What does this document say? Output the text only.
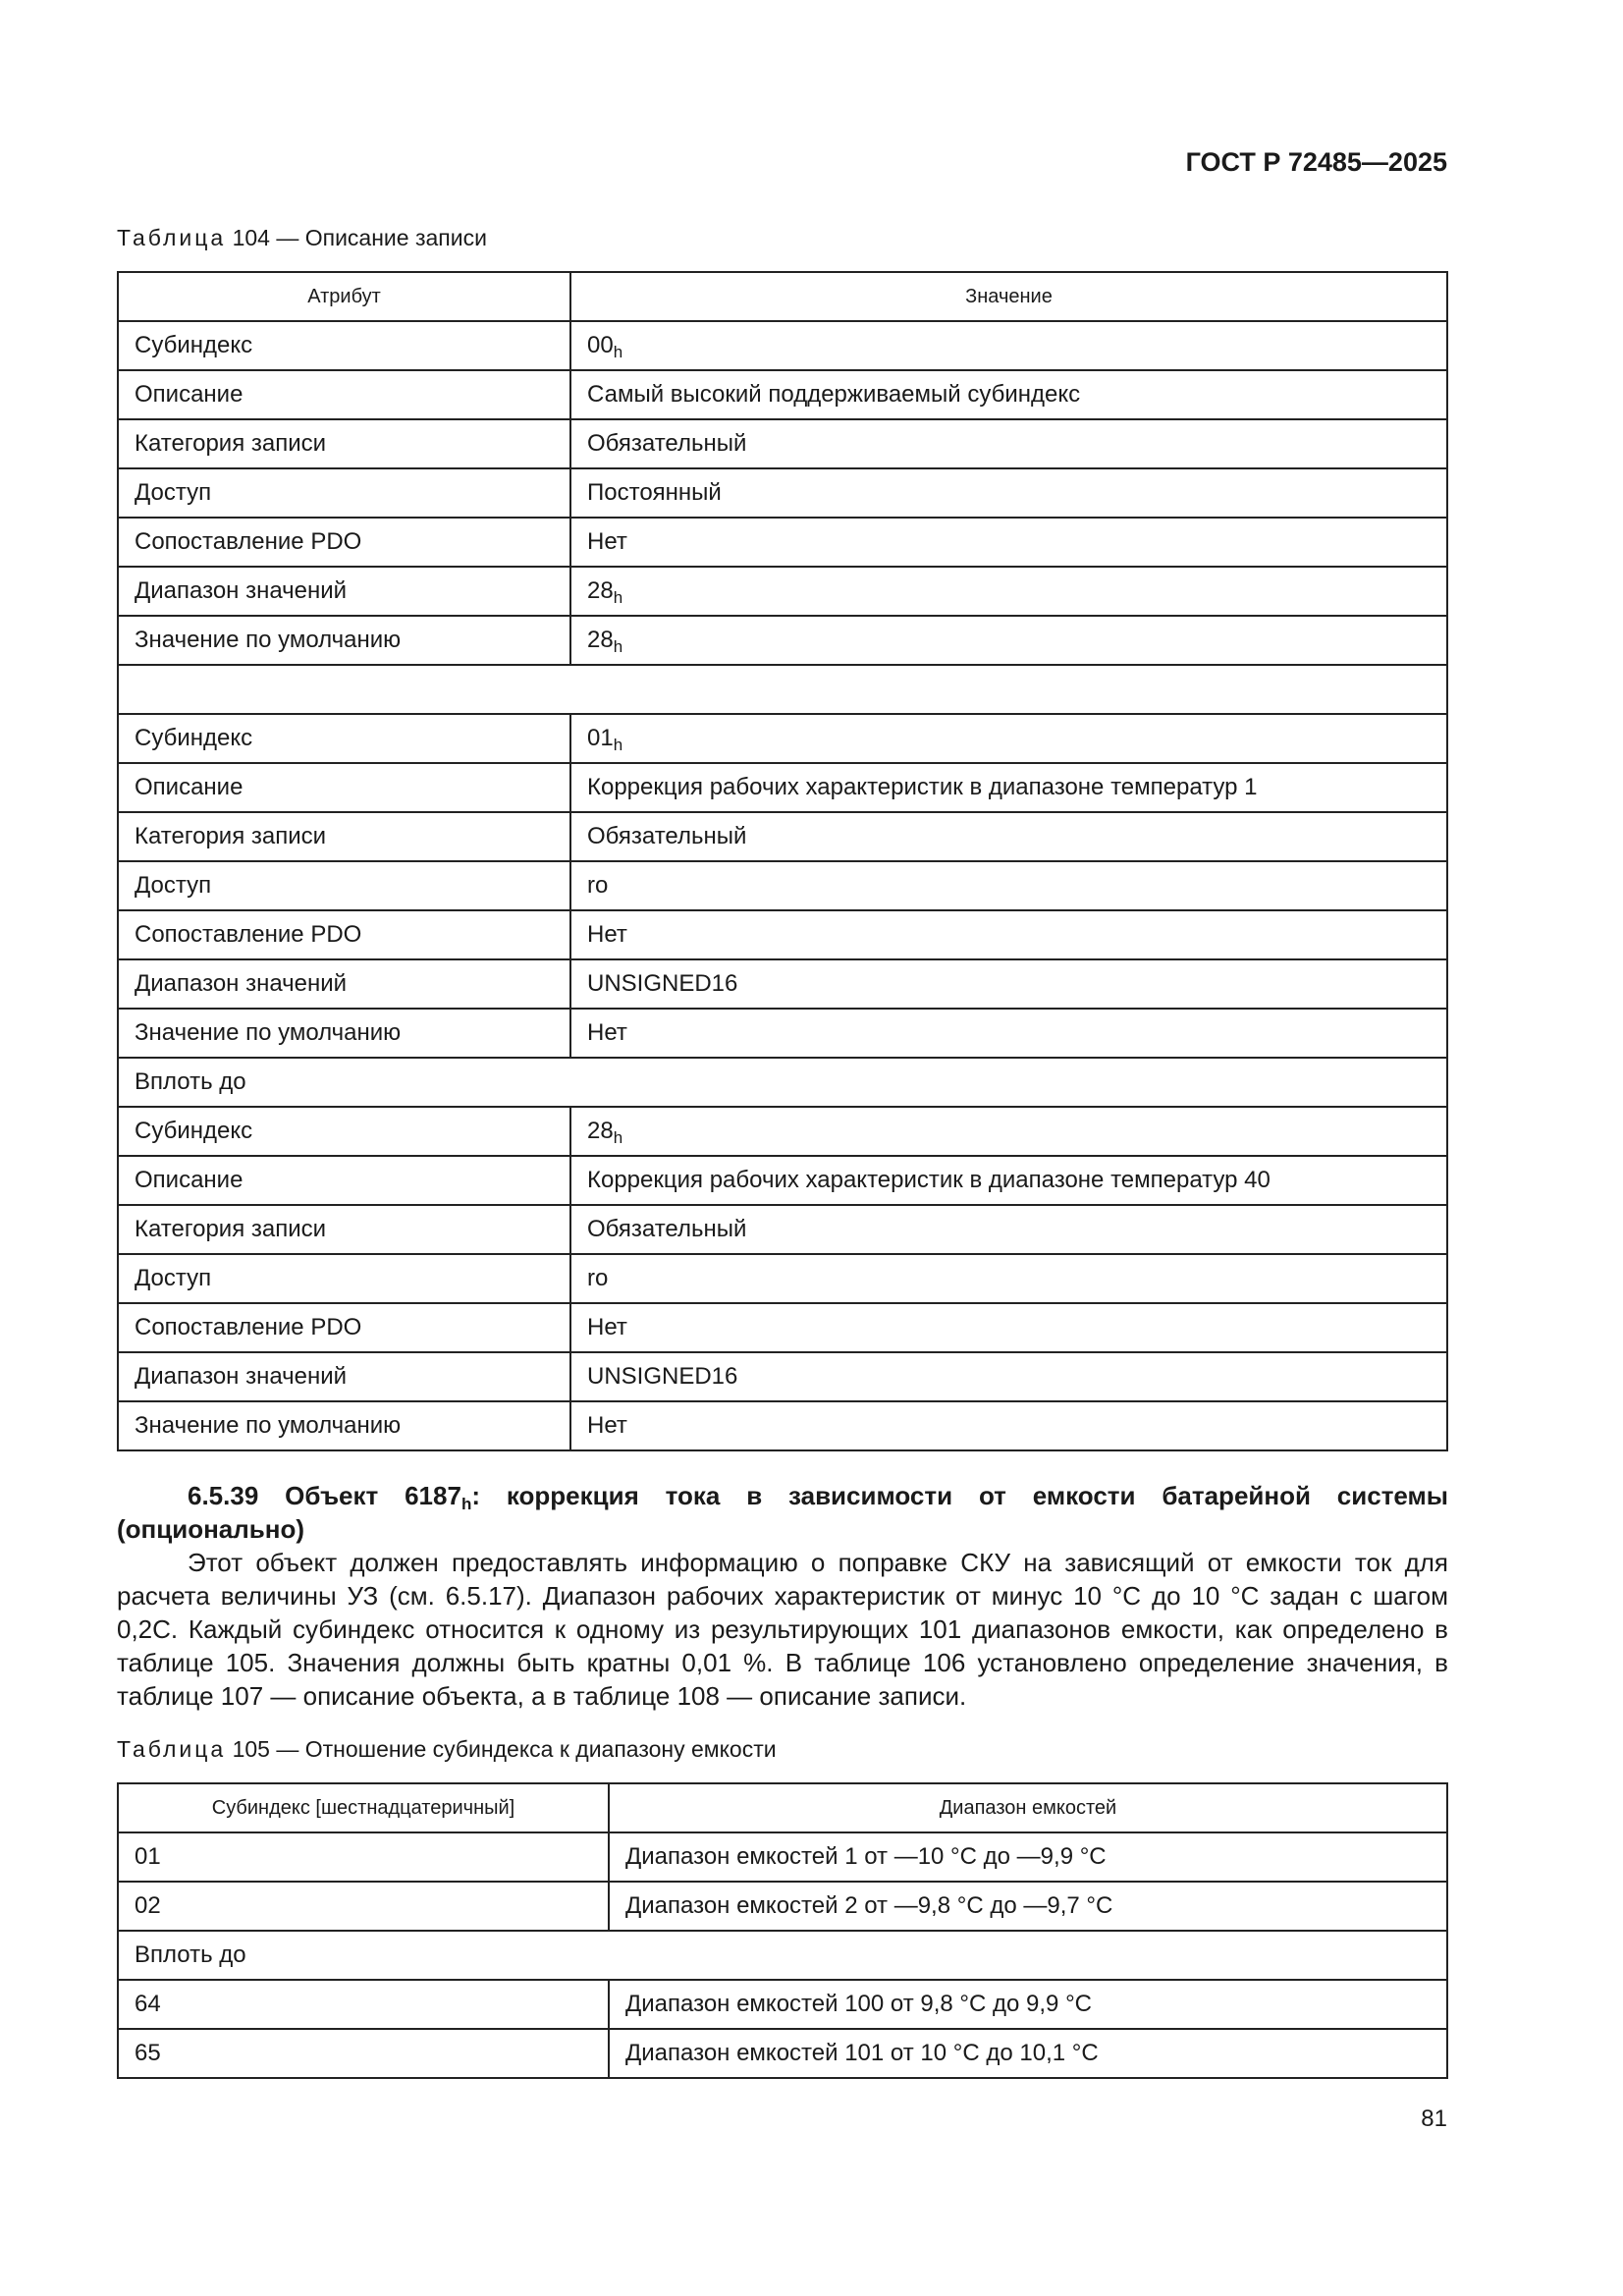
ГОСТ Р 72485—2025
Таблица 104 — Описание записи
Атрибут	Значение
Субиндекс	$00_h$
Описание	Самый высокий поддерживаемый субиндекс
Категория записи	Обязательный
Доступ	Постоянный
Сопоставление PDO	Нет
Диапазон значений	$28_h$
Значение по умолчанию	$28_h$

Субиндекс	$01_h$
Описание	Коррекция рабочих характеристик в диапазоне температур 1
Категория записи	Обязательный
Доступ	ro
Сопоставление PDO	Нет
Диапазон значений	UNSIGNED16
Значение по умолчанию	Нет
Вплоть до	
Субиндекс	$28_h$
Описание	Коррекция рабочих характеристик в диапазоне температур 40
Категория записи	Обязательный
Доступ	ro
Сопоставление PDO	Нет
Диапазон значений	UNSIGNED16
Значение по умолчанию	Нет
6.5.39 Объект $6187_h$: коррекция тока в зависимости от емкости батарейной системы (опционально)

Этот объект должен предоставлять информацию о поправке СКУ на зависящий от емкости ток для расчета величины УЗ (см. 6.5.17). Диапазон рабочих характеристик от минус 10 °C до 10 °C задан с шагом 0,2C. Каждый субиндекс относится к одному из результирующих 101 диапазонов емкости, как определено в таблице 105. Значения должны быть кратны 0,01 %. В таблице 106 установлено определение значения, в таблице 107 — описание объекта, а в таблице 108 — описание записи.

Таблица 105 — Отношение субиндекса к диапазону емкости
Субиндекс [шестнадцатеричный]	Диапазон емкостей
01	Диапазон емкостей 1 от —10 °C до —9,9 °C
02	Диапазон емкостей 2 от —9,8 °C до —9,7 °C
Вплоть до	
64	Диапазон емкостей 100 от 9,8 °C до 9,9 °C
65	Диапазон емкостей 101 от 10 °C до 10,1 °C
81
